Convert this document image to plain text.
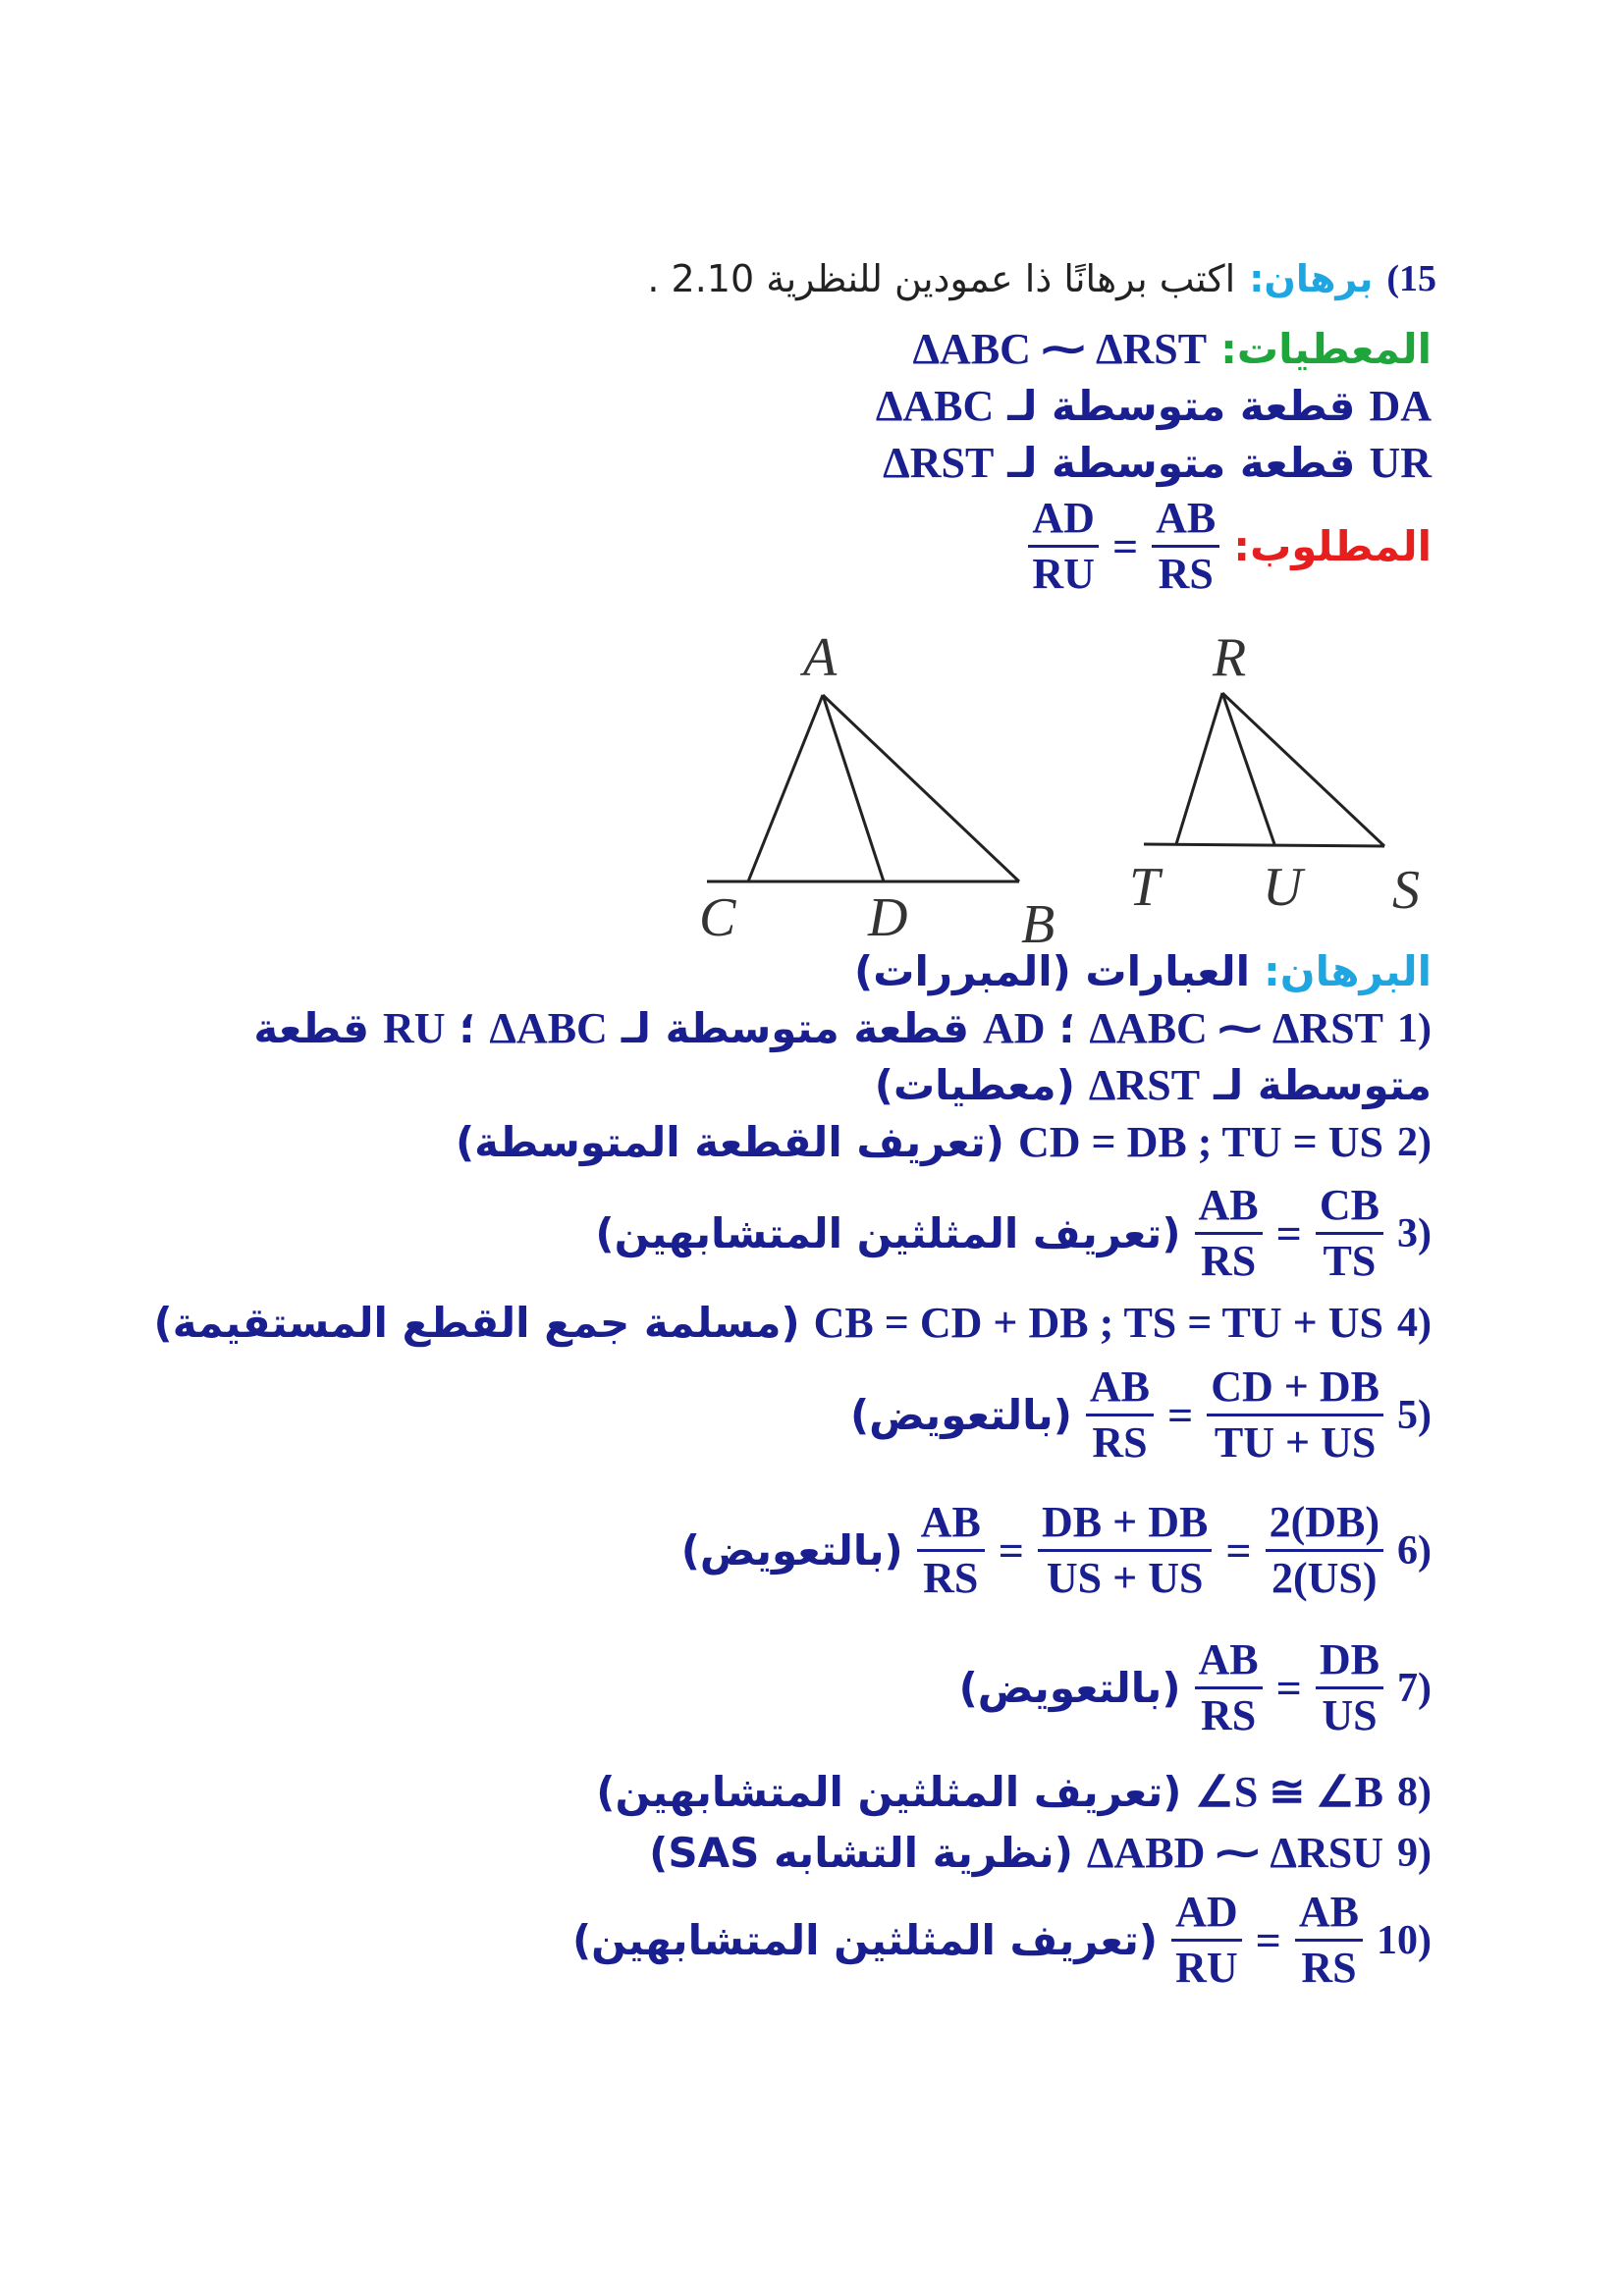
15)
برهان:
اكتب برهانًا ذا عمودين للنظرية 2.10 .
المعطيات:
ΔABC ⁓ ΔRST
DA
قطعة متوسطة لـ
ΔABC
UR
قطعة متوسطة لـ
ΔRST
المطلوب:
$\frac{AB}{RS}$
=
$\frac{AD}{RU}$
A
C D B
R
T U S
البرهان:
العبارات (المبررات)
1)
ΔABC ⁓ ΔRST
؛
AD
قطعة متوسطة لـ
ΔABC
؛
RU
قطعة
متوسطة لـ
ΔRST
(معطيات)
2)
CD = DB ; TU = US
(تعريف القطعة المتوسطة)
3)
$\frac{CB}{TS}$
=
$\frac{AB}{RS}$
(تعريف المثلثين المتشابهين)
4)
CB = CD + DB ; TS = TU + US
(مسلمة جمع القطع المستقيمة)
5)
$\frac{CD + DB}{TU + US}$
=
$\frac{AB}{RS}$
(بالتعويض)
6)
$\frac{2(DB)}{2(US)}$
=
$\frac{DB + DB}{US + US}$
=
$\frac{AB}{RS}$
(بالتعويض)
7)
$\frac{DB}{US}$
=
$\frac{AB}{RS}$
(بالتعويض)
8)
∠S ≅ ∠B
(تعريف المثلثين المتشابهين)
9)
ΔABD ⁓ ΔRSU
(نظرية التشابه SAS)
10)
$\frac{AB}{RS}$
=
$\frac{AD}{RU}$
(تعريف المثلثين المتشابهين)
